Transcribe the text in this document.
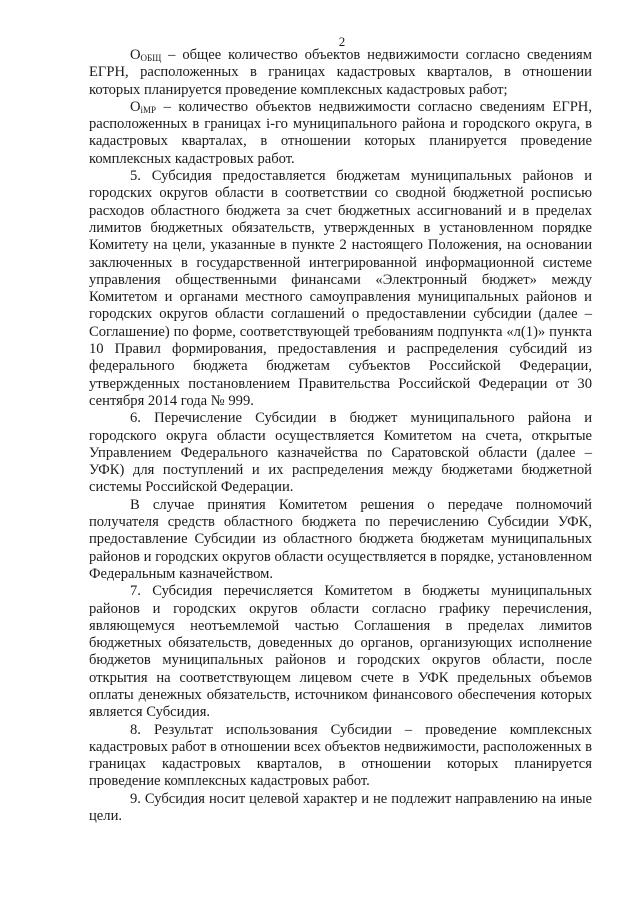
2

$O_{ОБЩ}$ – общее количество объектов недвижимости согласно сведениям ЕГРН, расположенных в границах кадастровых кварталов, в отношении которых планируется проведение комплексных кадастровых работ;

$O_{iМР}$ – количество объектов недвижимости согласно сведениям ЕГРН, расположенных в границах i-го муниципального района и городского округа, в кадастровых кварталах, в отношении которых планируется проведение комплексных кадастровых работ.

5. Субсидия предоставляется бюджетам муниципальных районов и городских округов области в соответствии со сводной бюджетной росписью расходов областного бюджета за счет бюджетных ассигнований и в пределах лимитов бюджетных обязательств, утвержденных в установленном порядке Комитету на цели, указанные в пункте 2 настоящего Положения, на основании заключенных в государственной интегрированной информационной системе управления общественными финансами «Электронный бюджет» между Комитетом и органами местного самоуправления муниципальных районов и городских округов области соглашений о предоставлении субсидии (далее – Соглашение) по форме, соответствующей требованиям подпункта «л(1)» пункта 10 Правил формирования, предоставления и распределения субсидий из федерального бюджета бюджетам субъектов Российской Федерации, утвержденных постановлением Правительства Российской Федерации от 30 сентября 2014 года № 999.

6. Перечисление Субсидии в бюджет муниципального района и городского округа области осуществляется Комитетом на счета, открытые Управлением Федерального казначейства по Саратовской области (далее – УФК) для поступлений и их распределения между бюджетами бюджетной системы Российской Федерации.

В случае принятия Комитетом решения о передаче полномочий получателя средств областного бюджета по перечислению Субсидии УФК, предоставление Субсидии из областного бюджета бюджетам муниципальных районов и городских округов области осуществляется в порядке, установленном Федеральным казначейством.

7. Субсидия перечисляется Комитетом в бюджеты муниципальных районов и городских округов области согласно графику перечисления, являющемуся неотъемлемой частью Соглашения в пределах лимитов бюджетных обязательств, доведенных до органов, организующих исполнение бюджетов муниципальных районов и городских округов области, после открытия на соответствующем лицевом счете в УФК предельных объемов оплаты денежных обязательств, источником финансового обеспечения которых является Субсидия.

8. Результат использования Субсидии – проведение комплексных кадастровых работ в отношении всех объектов недвижимости, расположенных в границах кадастровых кварталов, в отношении которых планируется проведение комплексных кадастровых работ.

9. Субсидия носит целевой характер и не подлежит направлению на иные цели.
